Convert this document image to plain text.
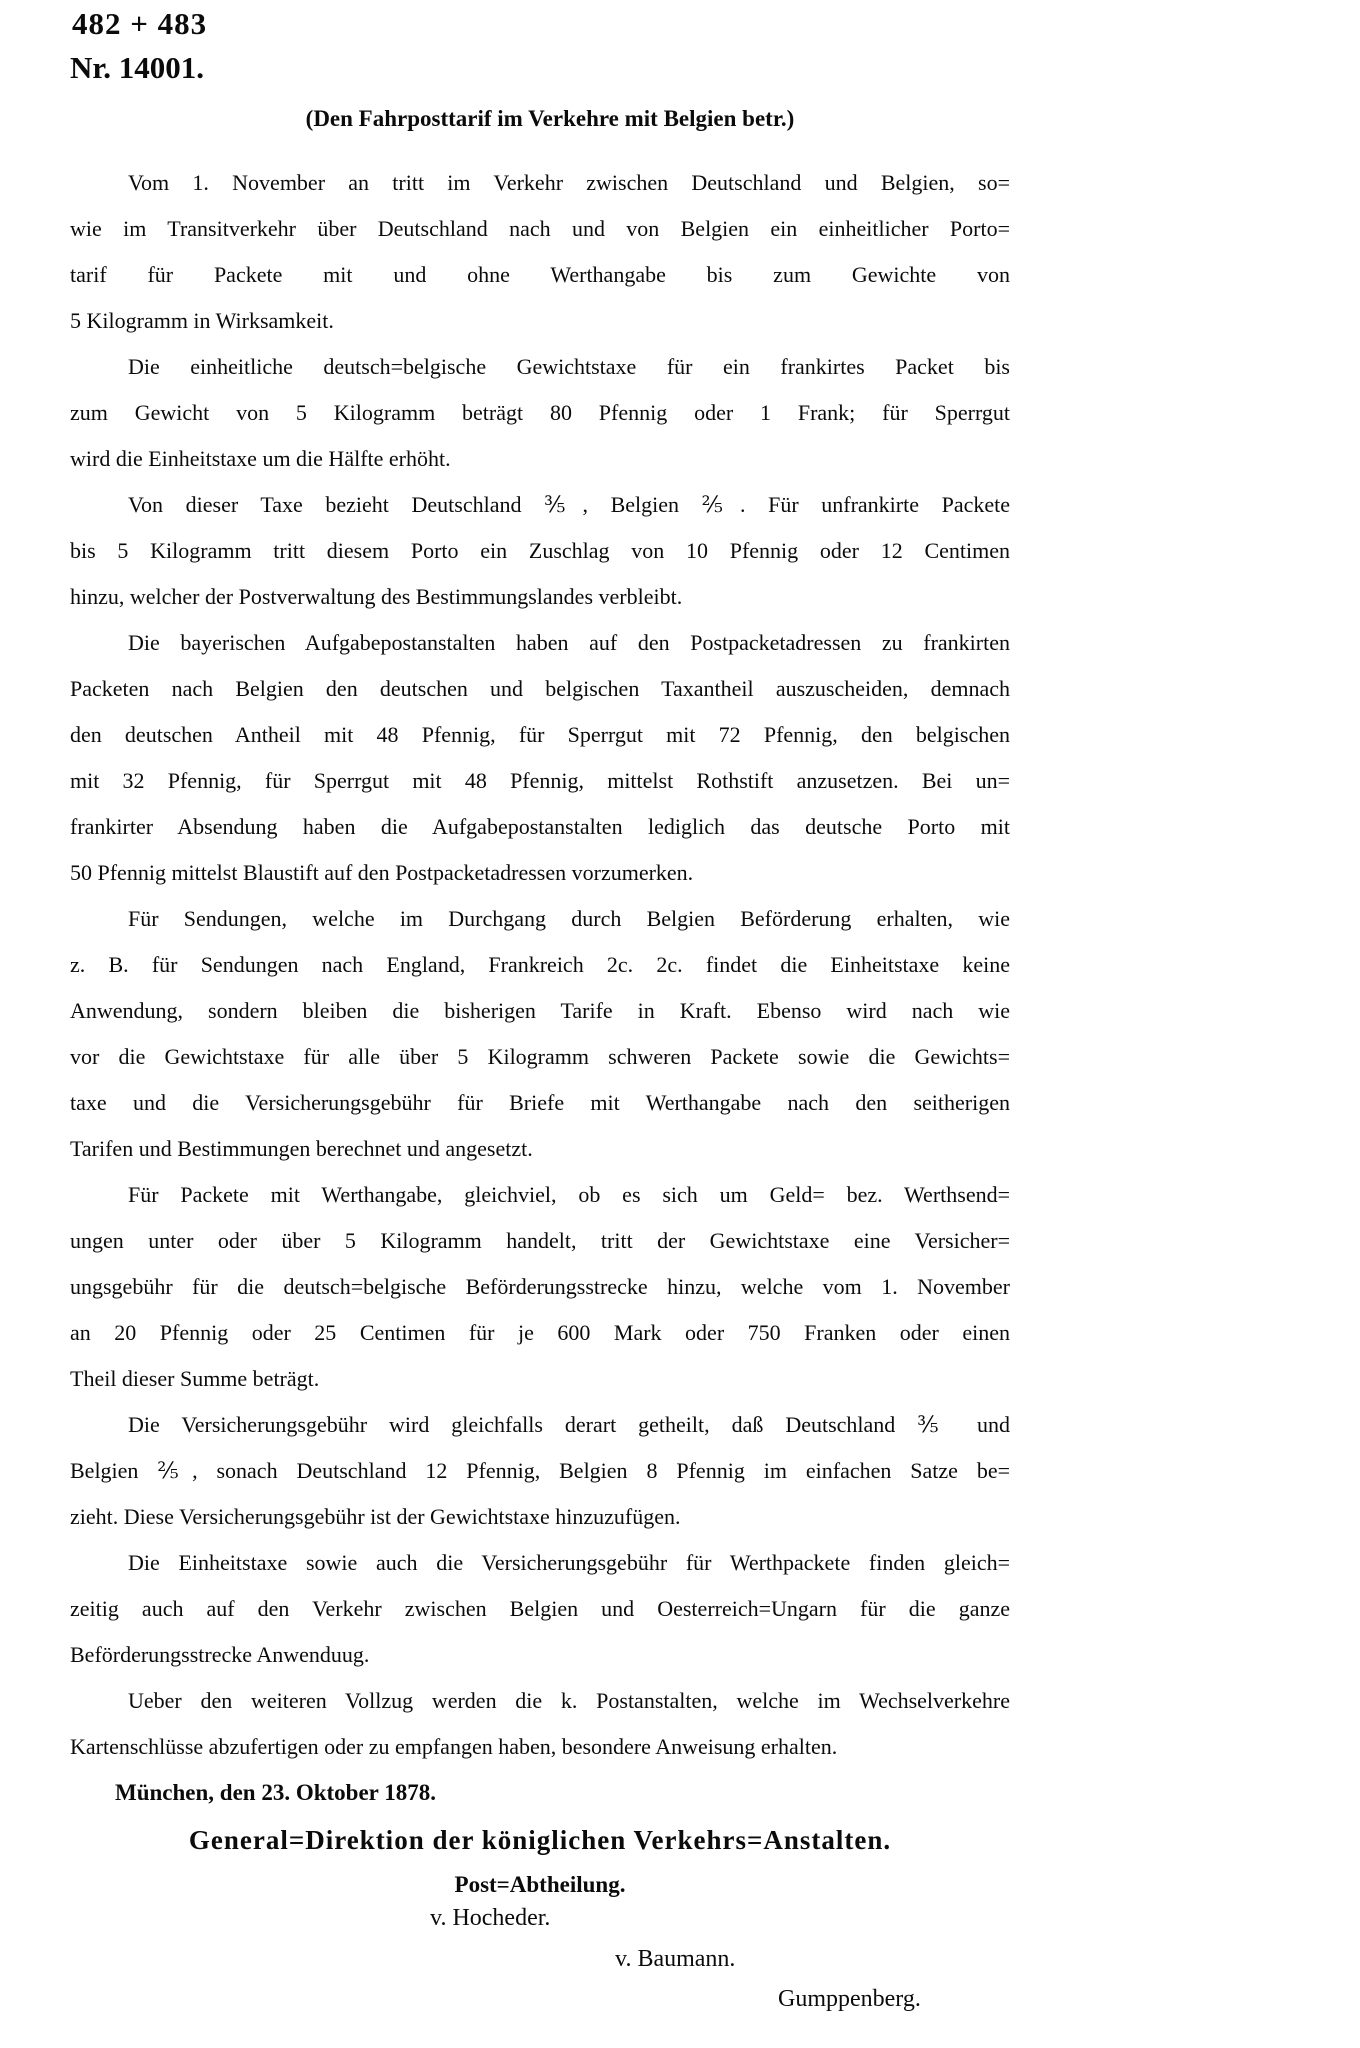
482 + 483
Nr. 14001.
(Den Fahrposttarif im Verkehre mit Belgien betr.)
Vom 1. November an tritt im Verkehr zwischen Deutschland und Belgien, so=
wie im Transitverkehr über Deutschland nach und von Belgien ein einheitlicher Porto=
tarif für Packete mit und ohne Werthangabe bis zum Gewichte von
5 Kilogramm in Wirksamkeit.
Die einheitliche deutsch=belgische Gewichtstaxe für ein frankirtes Packet bis
zum Gewicht von 5 Kilogramm beträgt 80 Pfennig oder 1 Frank; für Sperrgut
wird die Einheitstaxe um die Hälfte erhöht.
Von dieser Taxe bezieht Deutschland ⅗, Belgien ⅖. Für unfrankirte Packete
bis 5 Kilogramm tritt diesem Porto ein Zuschlag von 10 Pfennig oder 12 Centimen
hinzu, welcher der Postverwaltung des Bestimmungslandes verbleibt.
Die bayerischen Aufgabepostanstalten haben auf den Postpacketadressen zu frankirten
Packeten nach Belgien den deutschen und belgischen Taxantheil auszuscheiden, demnach
den deutschen Antheil mit 48 Pfennig, für Sperrgut mit 72 Pfennig, den belgischen
mit 32 Pfennig, für Sperrgut mit 48 Pfennig, mittelst Rothstift anzusetzen. Bei un=
frankirter Absendung haben die Aufgabepostanstalten lediglich das deutsche Porto mit
50 Pfennig mittelst Blaustift auf den Postpacketadressen vorzumerken.
Für Sendungen, welche im Durchgang durch Belgien Beförderung erhalten, wie
z. B. für Sendungen nach England, Frankreich 2c. 2c. findet die Einheitstaxe keine
Anwendung, sondern bleiben die bisherigen Tarife in Kraft. Ebenso wird nach wie
vor die Gewichtstaxe für alle über 5 Kilogramm schweren Packete sowie die Gewichts=
taxe und die Versicherungsgebühr für Briefe mit Werthangabe nach den seitherigen
Tarifen und Bestimmungen berechnet und angesetzt.
Für Packete mit Werthangabe, gleichviel, ob es sich um Geld= bez. Werthsend=
ungen unter oder über 5 Kilogramm handelt, tritt der Gewichtstaxe eine Versicher=
ungsgebühr für die deutsch=belgische Beförderungsstrecke hinzu, welche vom 1. November
an 20 Pfennig oder 25 Centimen für je 600 Mark oder 750 Franken oder einen
Theil dieser Summe beträgt.
Die Versicherungsgebühr wird gleichfalls derart getheilt, daß Deutschland ⅗ und
Belgien ⅖, sonach Deutschland 12 Pfennig, Belgien 8 Pfennig im einfachen Satze be=
zieht. Diese Versicherungsgebühr ist der Gewichtstaxe hinzuzufügen.
Die Einheitstaxe sowie auch die Versicherungsgebühr für Werthpackete finden gleich=
zeitig auch auf den Verkehr zwischen Belgien und Oesterreich=Ungarn für die ganze
Beförderungsstrecke Anwenduug.
Ueber den weiteren Vollzug werden die k. Postanstalten, welche im Wechselverkehre
Kartenschlüsse abzufertigen oder zu empfangen haben, besondere Anweisung erhalten.
München, den 23. Oktober 1878.
General=Direktion der königlichen Verkehrs=Anstalten.
Post=Abtheilung.
v. Hocheder.
v. Baumann.
Gumppenberg.
